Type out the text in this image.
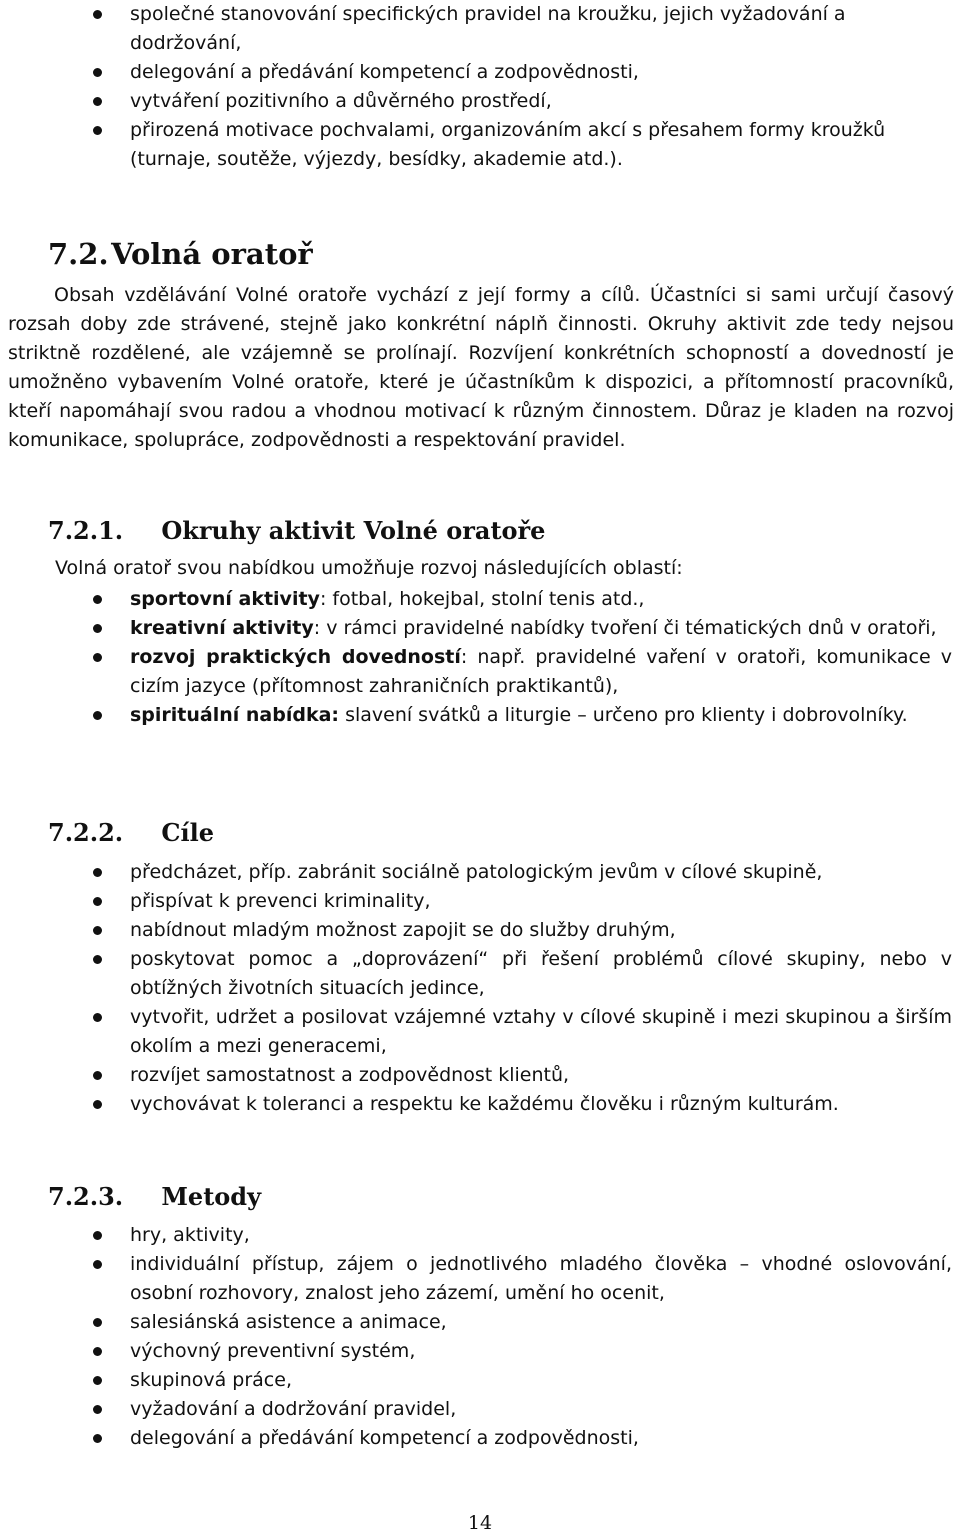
společné stanovování specifických pravidel na kroužku, jejich vyžadování a dodržování,
delegování a předávání kompetencí a zodpovědnosti,
vytváření pozitivního a důvěrného prostředí,
přirozená motivace pochvalami, organizováním akcí s přesahem formy kroužků (turnaje, soutěže, výjezdy, besídky, akademie atd.).
7.2. Volná oratoř

Obsah vzdělávání Volné oratoře vychází z její formy a cílů. Účastníci si sami určují časový rozsah doby zde strávené, stejně jako konkrétní náplň činnosti. Okruhy aktivit zde tedy nejsou striktně rozdělené, ale vzájemně se prolínají. Rozvíjení konkrétních schopností a dovedností je umožněno vybavením Volné oratoře, které je účastníkům k dispozici, a přítomností pracovníků, kteří napomáhají svou radou a vhodnou motivací k různým činnostem. Důraz je kladen na rozvoj komunikace, spolupráce, zodpovědnosti a respektování pravidel.

7.2.1. Okruhy aktivit Volné oratoře

Volná oratoř svou nabídkou umožňuje rozvoj následujících oblastí:

sportovní aktivity: fotbal, hokejbal, stolní tenis atd.,
kreativní aktivity: v rámci pravidelné nabídky tvoření či tématických dnů v oratoři,
rozvoj praktických dovedností: např. pravidelné vaření v oratoři, komunikace v cizím jazyce (přítomnost zahraničních praktikantů),
spirituální nabídka: slavení svátků a liturgie – určeno pro klienty i dobrovolníky.
7.2.2. Cíle
předcházet, příp. zabránit sociálně patologickým jevům v cílové skupině,
přispívat k prevenci kriminality,
nabídnout mladým možnost zapojit se do služby druhým,
poskytovat pomoc a „doprovázení“ při řešení problémů cílové skupiny, nebo v obtížných životních situacích jedince,
vytvořit, udržet a posilovat vzájemné vztahy v cílové skupině i mezi skupinou a širším okolím a mezi generacemi,
rozvíjet samostatnost a zodpovědnost klientů,
vychovávat k toleranci a respektu ke každému člověku i různým kulturám.
7.2.3. Metody
hry, aktivity,
individuální přístup, zájem o jednotlivého mladého člověka – vhodné oslovování, osobní rozhovory, znalost jeho zázemí, umění ho ocenit,
salesiánská asistence a animace,
výchovný preventivní systém,
skupinová práce,
vyžadování a dodržování pravidel,
delegování a předávání kompetencí a zodpovědnosti,
14
